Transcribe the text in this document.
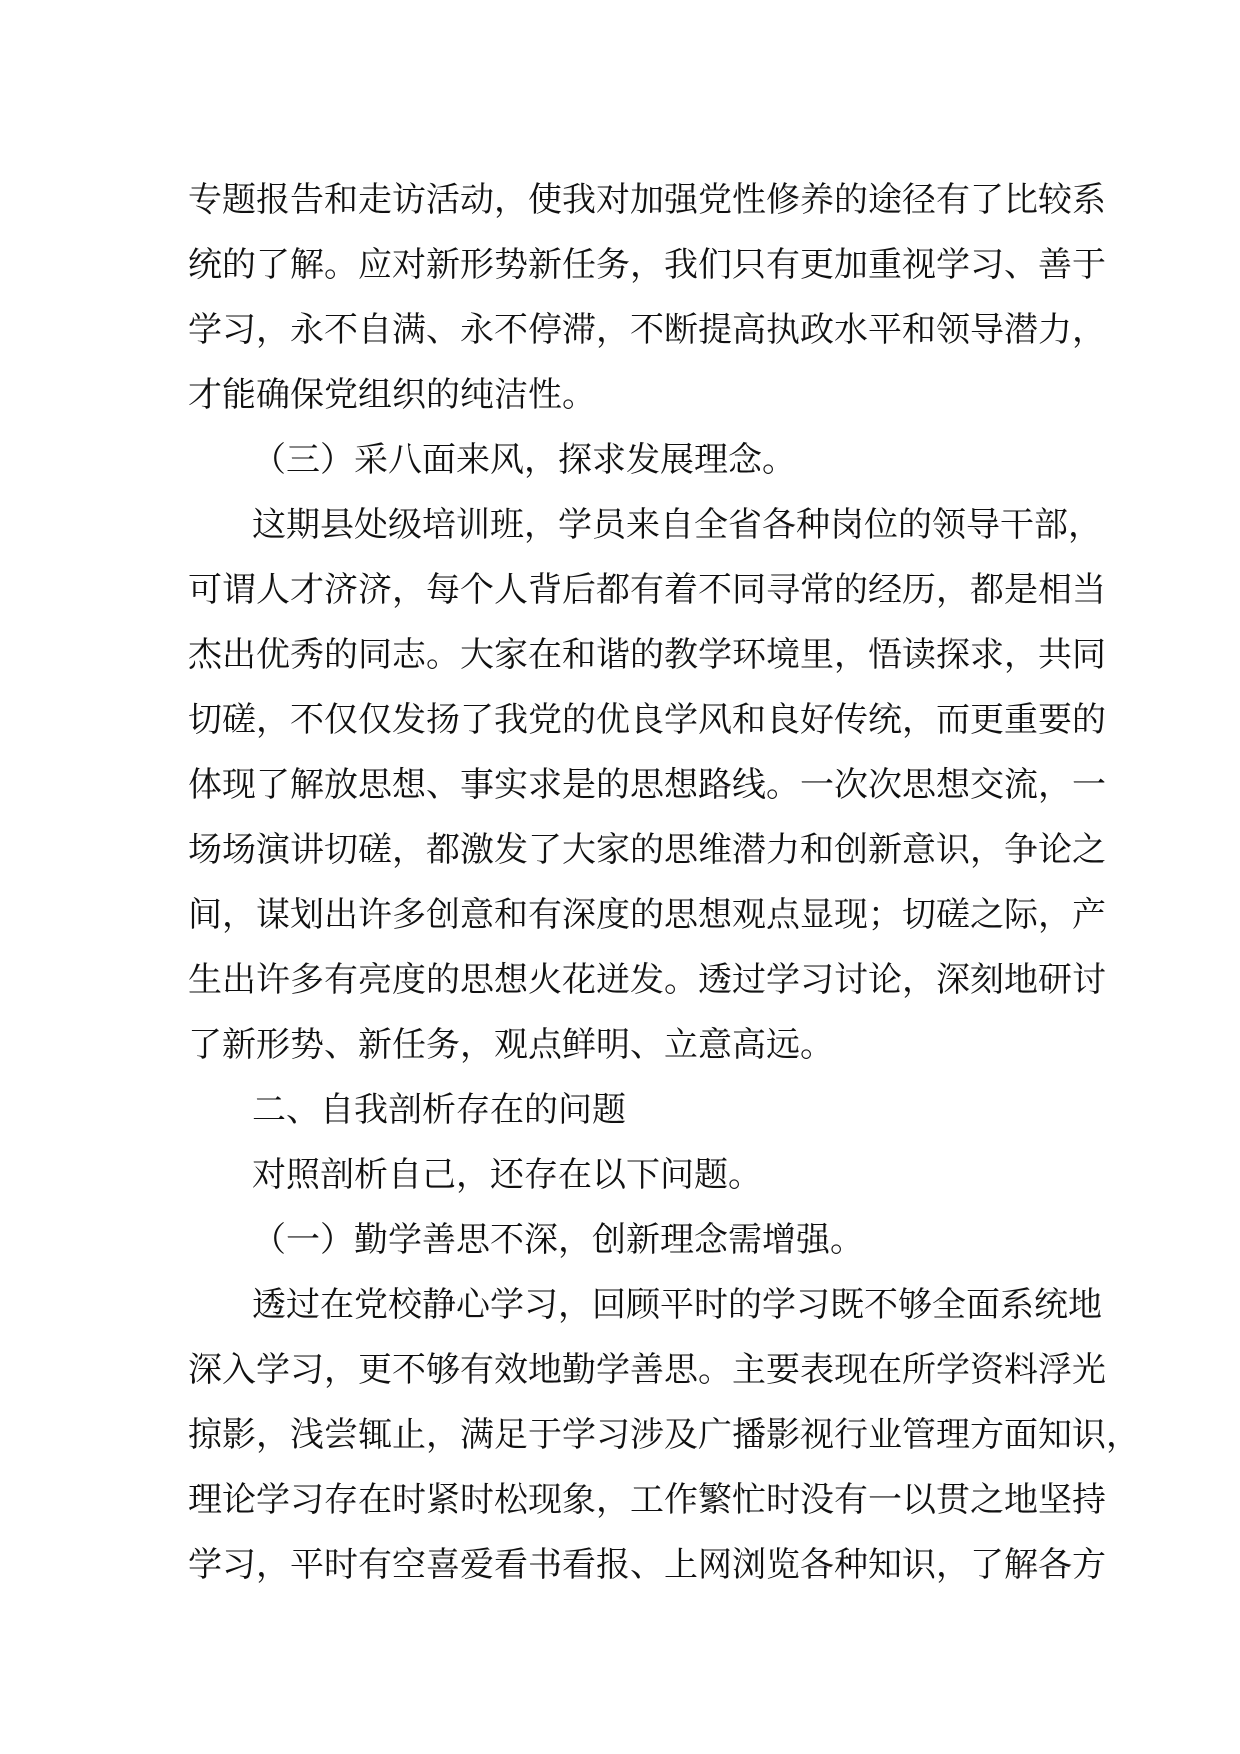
专题报告和走访活动，使我对加强党性修养的途径有了比较系
统的了解。应对新形势新任务，我们只有更加重视学习、善于
学习，永不自满、永不停滞，不断提高执政水平和领导潜力，
才能确保党组织的纯洁性。
（三）采八面来风，探求发展理念。
这期县处级培训班，学员来自全省各种岗位的领导干部，
可谓人才济济，每个人背后都有着不同寻常的经历，都是相当
杰出优秀的同志。大家在和谐的教学环境里，悟读探求，共同
切磋，不仅仅发扬了我党的优良学风和良好传统，而更重要的
体现了解放思想、事实求是的思想路线。一次次思想交流，一
场场演讲切磋，都激发了大家的思维潜力和创新意识，争论之
间，谋划出许多创意和有深度的思想观点显现；切磋之际，产
生出许多有亮度的思想火花迸发。透过学习讨论，深刻地研讨
了新形势、新任务，观点鲜明、立意高远。
二、自我剖析存在的问题
对照剖析自己，还存在以下问题。
（一）勤学善思不深，创新理念需增强。
透过在党校静心学习，回顾平时的学习既不够全面系统地
深入学习，更不够有效地勤学善思。主要表现在所学资料浮光
掠影，浅尝辄止，满足于学习涉及广播影视行业管理方面知识，
理论学习存在时紧时松现象，工作繁忙时没有一以贯之地坚持
学习，平时有空喜爱看书看报、上网浏览各种知识，了解各方
